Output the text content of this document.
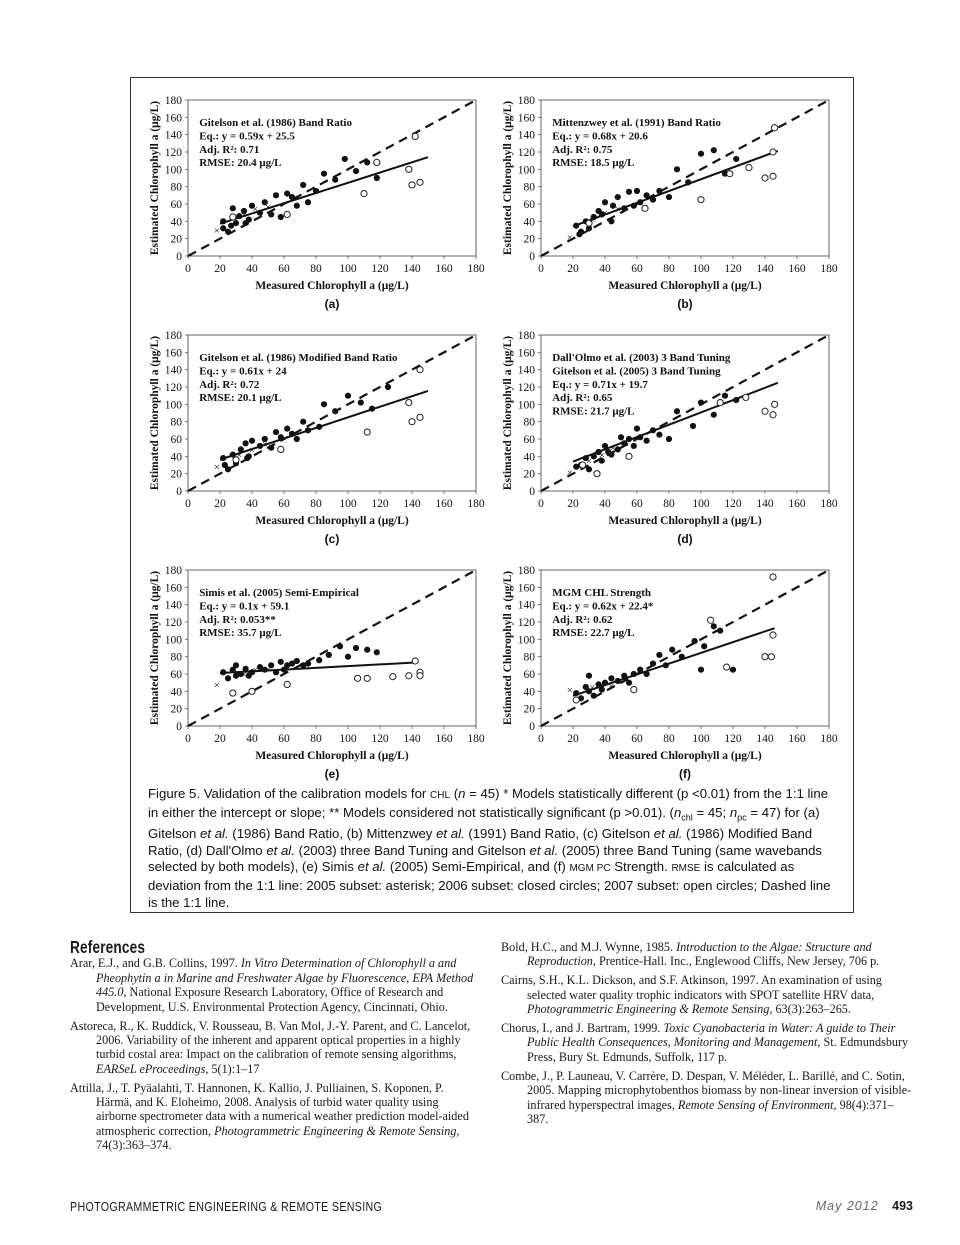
0
20
40
60
80
100
120
140
160
180
0 20 40 60 80 100 120 140 160 180
Measured Chlorophyll a (μg/L)
Estimated Chlorophyll a (μg/L)	×
×
× ×
Gitelson et al. (1986) Band Ratio
Eq.: y = 0.59x + 25.5
Adj. R²: 0.71
RMSE: 20.4 μg/L
(a)
0
20
40
60
80
100
120
140
160
180
0 20 40 60 80 100 120 140 160 180
Measured Chlorophyll a (μg/L)
Estimated Chlorophyll a (μg/L)	×
×
× ×
Mittenzwey et al. (1991) Band Ratio
Eq.: y = 0.68x + 20.6
Adj. R²: 0.75
RMSE: 18.5 μg/L
(b)
0
20
40
60
80
100
120
140
160
180
0 20 40 60 80 100 120 140 160 180
Measured Chlorophyll a (μg/L)
Estimated Chlorophyll a (μg/L)	×
× ×
×
Gitelson et al. (1986) Modified Band Ratio
Eq.: y = 0.61x + 24
Adj. R²: 0.72
RMSE: 20.1 μg/L
(c)
0
20
40
60
80
100
120
140
160
180
0 20 40 60 80 100 120 140 160 180
Measured Chlorophyll a (μg/L)
Estimated Chlorophyll a (μg/L)	×
×
×
×
Dall'Olmo et al. (2003) 3 Band Tuning
Gitelson et al. (2005) 3 Band Tuning
Eq.: y = 0.71x + 19.7
Adj. R²: 0.65
RMSE: 21.7 μg/L
(d)
0
20
40
60
80
100
120
140
160
180
0 20 40 60 80 100 120 140 160 180
Measured Chlorophyll a (μg/L)
Estimated Chlorophyll a (μg/L)	×
× × ×
Simis et al. (2005) Semi-Empirical
Eq.: y = 0.1x + 59.1
Adj. R²: 0.053**
RMSE: 35.7 μg/L
(e)
0
20
40
60
80
100
120
140
160
180
0 20 40 60 80 100 120 140 160 180
Measured Chlorophyll a (μg/L)
Estimated Chlorophyll a (μg/L)	× × × ×
MGM CHL Strength
Eq.: y = 0.62x + 22.4*
Adj. R²: 0.62
RMSE: 22.7 μg/L
(f)
Figure 5. Validation of the calibration models for CHL (n = 45) * Models statistically different (p <0.01) from the 1:1 line in either the intercept or slope; ** Models considered not statistically significant (p >0.01). ($n_{chl} = 45$; $n_{pc} = 47$) for (a) Gitelson et al. (1986) Band Ratio, (b) Mittenzwey et al. (1991) Band Ratio, (c) Gitelson et al. (1986) Modified Band Ratio, (d) Dall'Olmo et al. (2003) three Band Tuning and Gitelson et al. (2005) three Band Tuning (same wavebands selected by both models), (e) Simis et al. (2005) Semi-Empirical, and (f) MGM PC Strength. RMSE is calculated as deviation from the 1:1 line: 2005 subset: asterisk; 2006 subset: closed circles; 2007 subset: open circles; Dashed line is the 1:1 line.
References
Arar, E.J., and G.B. Collins, 1997. In Vitro Determination of Chlorophyll a and Pheophytin a in Marine and Freshwater Algae by Fluorescence, EPA Method 445.0, National Exposure Research Laboratory, Office of Research and Development, U.S. Environmental Protection Agency, Cincinnati, Ohio.
Astoreca, R., K. Ruddick, V. Rousseau, B. Van Mol, J.-Y. Parent, and C. Lancelot, 2006. Variability of the inherent and apparent optical properties in a highly turbid costal area: Impact on the calibration of remote sensing algorithms, EARSeL eProceedings, 5(1):1–17
Attilla, J., T. Pyäalahti, T. Hannonen, K. Kallio, J. Pulliainen, S. Koponen, P. Härmä, and K. Eloheimo, 2008. Analysis of turbid water quality using airborne spectrometer data with a numerical weather prediction model-aided atmospheric correction, Photogrammetric Engineering & Remote Sensing, 74(3):363–374.
Bold, H.C., and M.J. Wynne, 1985. Introduction to the Algae: Structure and Reproduction, Prentice-Hall. Inc., Englewood Cliffs, New Jersey, 706 p.
Cairns, S.H., K.L. Dickson, and S.F. Atkinson, 1997. An examination of using selected water quality trophic indicators with SPOT satellite HRV data, Photogrammetric Engineering & Remote Sensing, 63(3):263–265.
Chorus, I., and J. Bartram, 1999. Toxic Cyanobacteria in Water: A guide to Their Public Health Consequences, Monitoring and Management, St. Edmundsbury Press, Bury St. Edmunds, Suffolk, 117 p.
Combe, J., P. Launeau, V. Carrère, D. Despan, V. Méléder, L. Barillé, and C. Sotin, 2005. Mapping microphytobenthos biomass by non-linear inversion of visible-infrared hyperspectral images, Remote Sensing of Environment, 98(4):371–387.
PHOTOGRAMMETRIC ENGINEERING & REMOTE SENSING	May 2012 493
